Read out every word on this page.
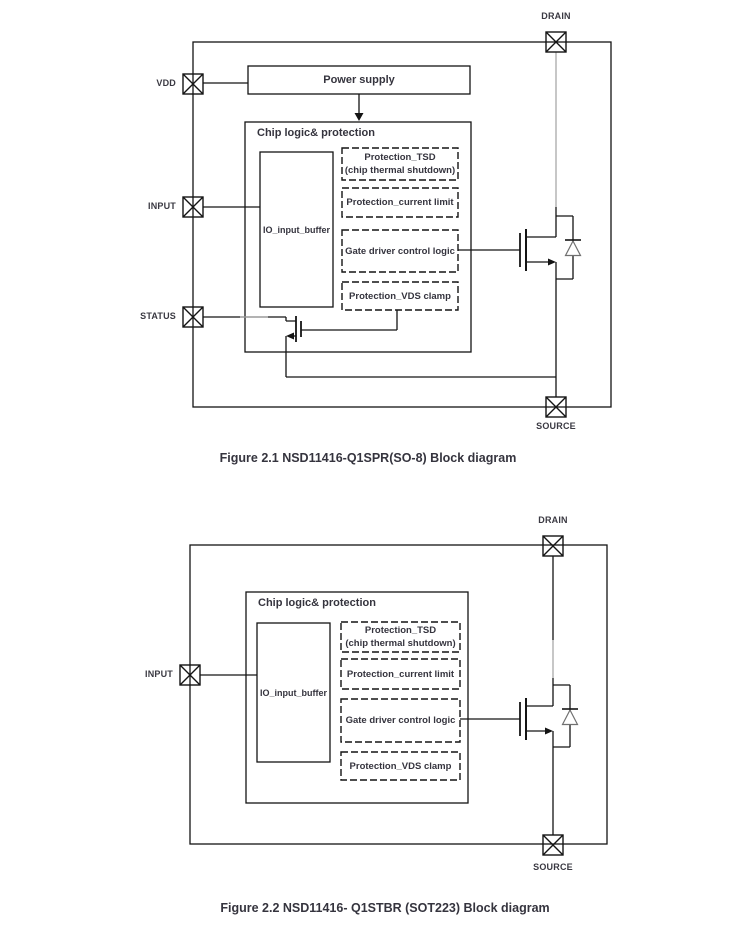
VDD
INPUT
STATUS
DRAIN
SOURCE
Power supply
Chip logic& protection
IO_input_buffer
Protection_TSD
(chip thermal shutdown)
Protection_current limit
Gate driver control logic
Protection_VDS clamp
Figure 2.1 NSD11416-Q1SPR(SO-8) Block diagram
INPUT
DRAIN
SOURCE
Chip logic& protection
IO_input_buffer
Protection_TSD
(chip thermal shutdown)
Protection_current limit
Gate driver control logic
Protection_VDS clamp
Figure 2.2 NSD11416- Q1STBR (SOT223) Block diagram
